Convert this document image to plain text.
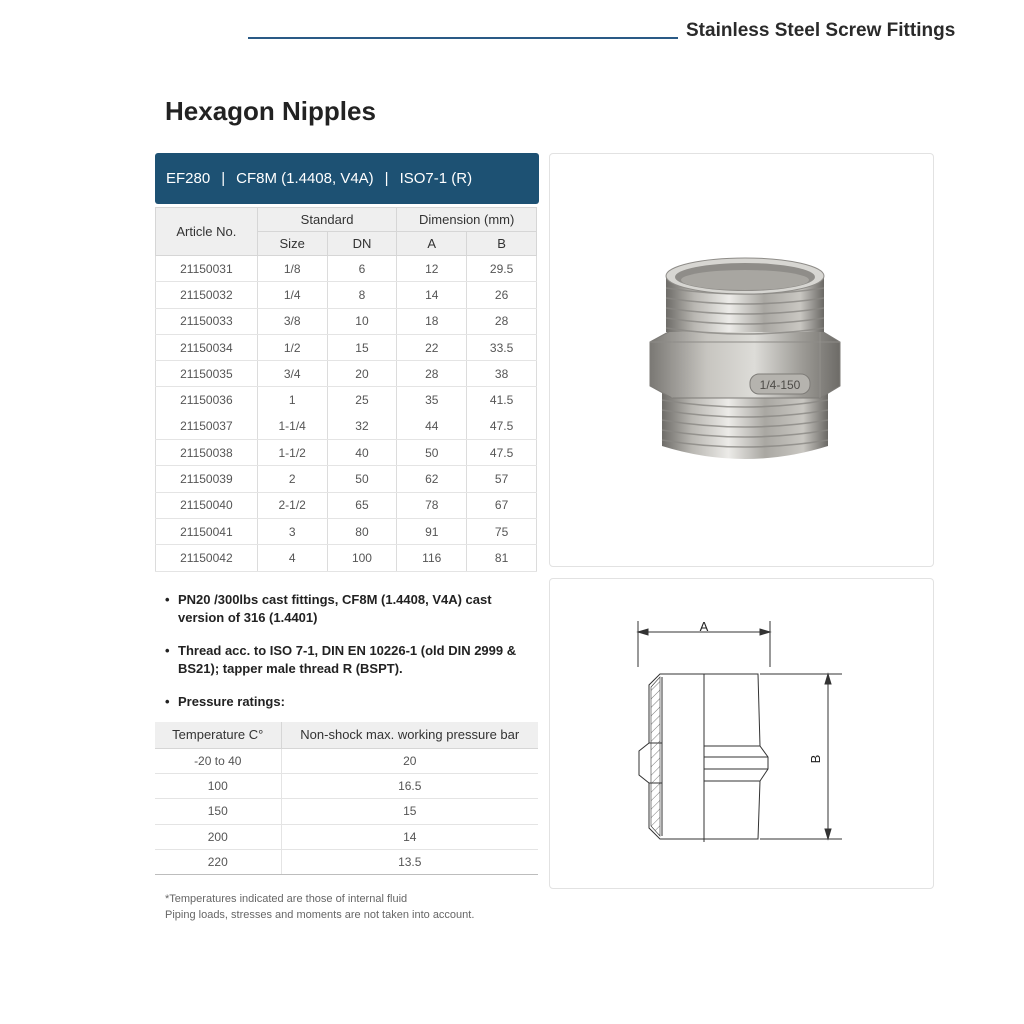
Stainless Steel Screw Fittings
Hexagon Nipples
EF280 | CF8M (1.4408, V4A) | ISO7-1 (R)
Article No.	Standard		Dimension (mm)	
	Size	DN	A	B
21150031	1/8	6	12	29.5
21150032	1/4	8	14	26
21150033	3/8	10	18	28
21150034	1/2	15	22	33.5
21150035	3/4	20	28	38
21150036	1	25	35	41.5
21150037	1-1/4	32	44	47.5
21150038	1-1/2	40	50	47.5
21150039	2	50	62	57
21150040	2-1/2	65	78	67
21150041	3	80	91	75
21150042	4	100	116	81
• PN20 /300lbs cast fittings, CF8M (1.4408, V4A) cast version of 316 (1.4401)
• Thread acc. to ISO 7-1, DIN EN 10226-1 (old DIN 2999 & BS21); tapper male thread R (BSPT).
• Pressure ratings:
Temperature C°	Non-shock max. working pressure bar
-20 to 40	20
100	16.5
150	15
200	14
220	13.5
*Temperatures indicated are those of internal fluid
Piping loads, stresses and moments are not taken into account.
1/4-150
A
B
